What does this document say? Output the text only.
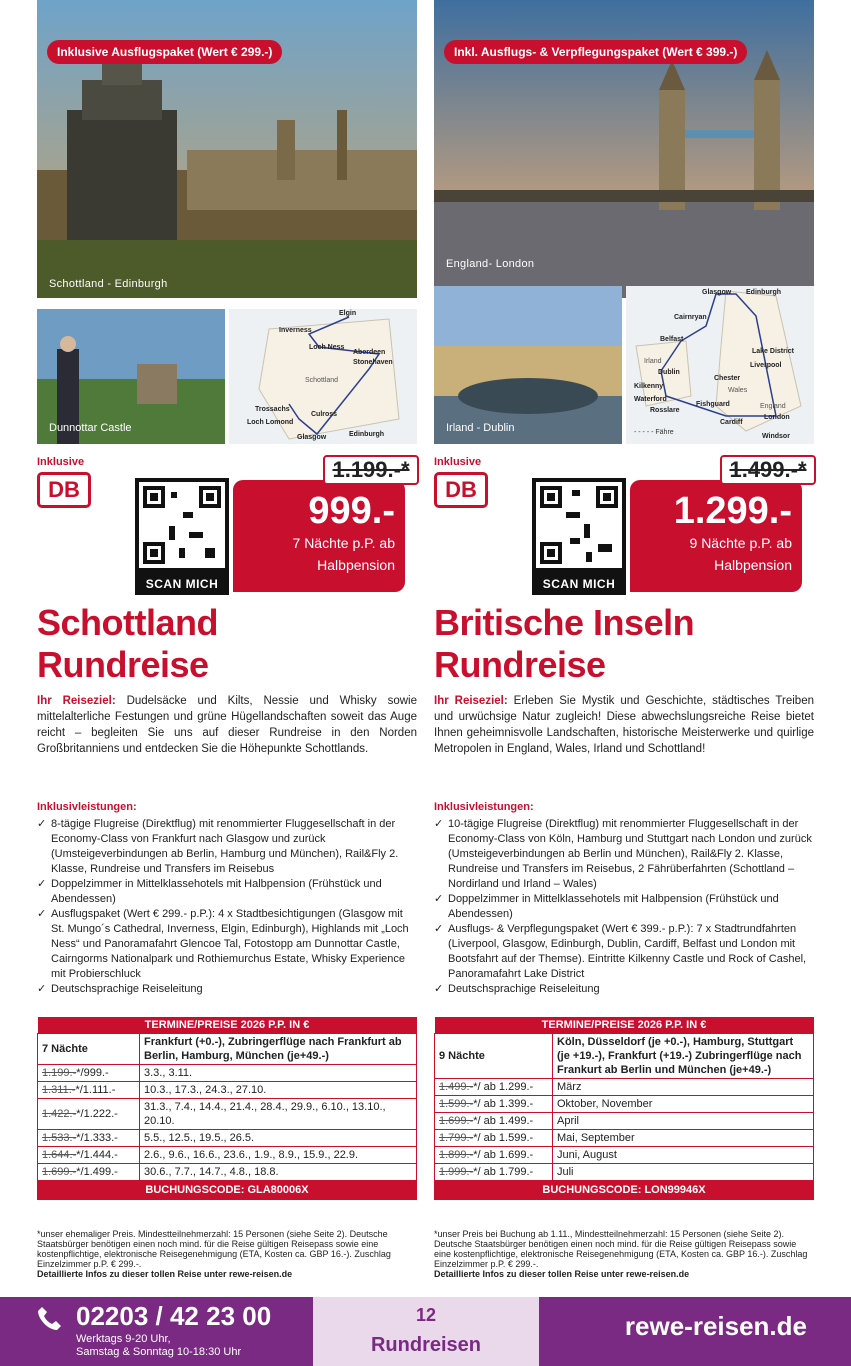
Schottland - Edinburgh
Inklusive Ausflugspaket (Wert € 299.-)
Dunnottar Castle
Elgin
Inverness
Loch Ness
Aberdeen
Stonehaven
Schottland
Trossachs
Loch Lomond
Culross
Glasgow	Edinburgh
Inklusive
DB
SCAN MICH
999.-
7 Nächte p.P. ab
Halbpension
1.199.-*
Schottland
Rundreise
Ihr Reiseziel: Dudelsäcke und Kilts, Nessie und Whisky sowie mittelalterliche Festungen und grüne Hügellandschaften soweit das Auge reicht – begleiten Sie uns auf dieser Rundreise in den Norden Großbritanniens und entdecken Sie die Höhepunkte Schottlands.
Inklusivleistungen:
✓ 8-tägige Flugreise (Direktflug) mit renommierter Fluggesellschaft in der Economy-Class von Frankfurt nach Glasgow und zurück (Umsteigeverbindungen ab Berlin, Hamburg und München), Rail&Fly 2. Klasse, Rundreise und Transfers im Reisebus
✓ Doppelzimmer in Mittelklassehotels mit Halbpension (Frühstück und Abendessen)
✓ Ausflugspaket (Wert € 299.- p.P.): 4 x Stadtbesichtigungen (Glasgow mit St. Mungo´s Cathedral, Inverness, Elgin, Edinburgh), Highlands mit „Loch Ness“ und Panoramafahrt Glencoe Tal, Fotostopp am Dunnottar Castle, Cairngorms Nationalpark und Rothiemurchus Estate, Whisky Experience mit Probierschluck
✓ Deutschsprachige Reiseleitung
TERMINE/PREISE 2026 P.P. IN €	
7 Nächte	Frankfurt (+0.-), Zubringerflüge nach Frankfurt ab Berlin, Hamburg, München (je+49.-)
1.199.-*/999.-	3.3., 3.11.
1.311.-*/1.111.-	10.3., 17.3., 24.3., 27.10.
1.422.-*/1.222.-	31.3., 7.4., 14.4., 21.4., 28.4., 29.9., 6.10., 13.10., 20.10.
1.533.-*/1.333.-	5.5., 12.5., 19.5., 26.5.
1.644.-*/1.444.-	2.6., 9.6., 16.6., 23.6., 1.9., 8.9., 15.9., 22.9.
1.699.-*/1.499.-	30.6., 7.7., 14.7., 4.8., 18.8.
BUCHUNGSCODE: GLA80006X	
*unser ehemaliger Preis. Mindestteilnehmerzahl: 15 Personen (siehe Seite 2). Deutsche Staatsbürger benötigen einen noch mind. für die Reise gültigen Reisepass sowie eine kostenpflichtige, elektronische Reisegenehmigung (ETA, Kosten ca. GBP 16.-). Zuschlag Einzelzimmer p.P. € 299.-.
Detaillierte Infos zu dieser tollen Reise unter rewe-reisen.de
England- London
Inkl. Ausflugs- & Verpflegungspaket (Wert € 399.-)
Irland - Dublin
Glasgow Edinburgh
Cairnryan
Belfast
Irland
Dublin
Lake District
Liverpool
Chester
Wales
Kilkenny
Waterford
Rosslare
Fishguard	England
London
Cardiff
Windsor
- - - - - Fähre
Inklusive
DB
SCAN MICH
1.299.-
9 Nächte p.P. ab
Halbpension
1.499.-*
Britische Inseln
Rundreise
Ihr Reiseziel: Erleben Sie Mystik und Geschichte, städtisches Treiben und urwüchsige Natur zugleich! Diese abwechslungsreiche Reise bietet Ihnen geheimnisvolle Landschaften, historische Meisterwerke und quirlige Metropolen in England, Wales, Irland und Schottland!
Inklusivleistungen:
✓ 10-tägige Flugreise (Direktflug) mit renommierter Fluggesellschaft in der Economy-Class von Köln, Hamburg und Stuttgart nach London und zurück (Umsteigeverbindungen ab Berlin und München), Rail&Fly 2. Klasse, Rundreise und Transfers im Reisebus, 2 Fährüberfahrten (Schottland – Nordirland und Irland – Wales)
✓ Doppelzimmer in Mittelklassehotels mit Halbpension (Frühstück und Abendessen)
✓ Ausflugs- & Verpflegungspaket (Wert € 399.- p.P.): 7 x Stadtrundfahrten (Liverpool, Glasgow, Edinburgh, Dublin, Cardiff, Belfast und London mit Bootsfahrt auf der Themse). Eintritte Kilkenny Castle und Rock of Cashel, Panoramafahrt Lake District
✓ Deutschsprachige Reiseleitung
TERMINE/PREISE 2026 P.P. IN €	
9 Nächte	Köln, Düsseldorf (je +0.-), Hamburg, Stuttgart (je +19.-), Frankfurt (+19.-) Zubringerflüge nach Frankurt ab Berlin und München (je+49.-)
1.499.-*/ ab 1.299.-	März
1.599.-*/ ab 1.399.-	Oktober, November
1.699.-*/ ab 1.499.-	April
1.799.-*/ ab 1.599.-	Mai, September
1.899.-*/ ab 1.699.-	Juni, August
1.999.-*/ ab 1.799.-	Juli
BUCHUNGSCODE: LON99946X	
*unser Preis bei Buchung ab 1.11., Mindestteilnehmerzahl: 15 Personen (siehe Seite 2). Deutsche Staatsbürger benötigen einen noch mind. für die Reise gültigen Reisepass sowie eine kostenpflichtige, elektronische Reisegenehmigung (ETA, Kosten ca. GBP 16.-). Zuschlag Einzelzimmer p.P. € 299.-.
Detaillierte Infos zu dieser tollen Reise unter rewe-reisen.de
02203 / 42 23 00
Werktags 9-20 Uhr,
Samstag & Sonntag 10-18:30 Uhr
12
Rundreisen
rewe-reisen.de
